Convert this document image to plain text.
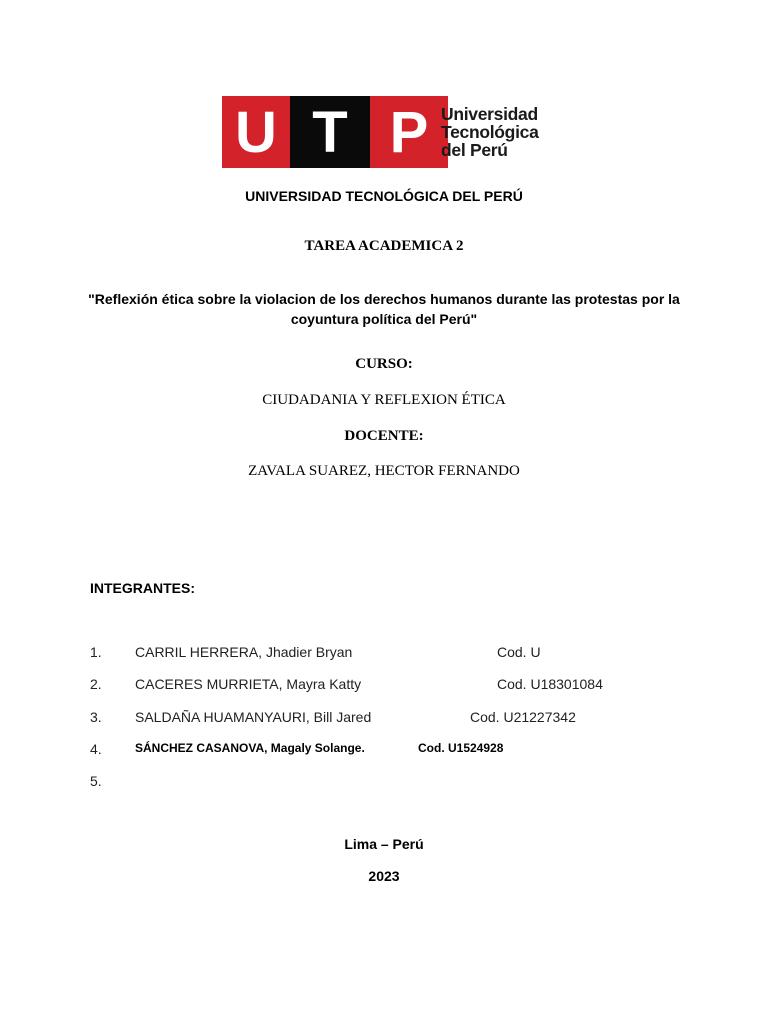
U T P Universidad
Tecnológica
del Perú
UNIVERSIDAD TECNOLÓGICA DEL PERÚ
TAREA ACADEMICA 2
"Reflexión ética sobre la violacion de los derechos humanos durante las protestas por la coyuntura política del Perú"
CURSO:
CIUDADANIA Y REFLEXION ÉTICA
DOCENTE:
ZAVALA SUAREZ, HECTOR FERNANDO
INTEGRANTES:
1. CARRIL HERRERA, Jhadier Bryan	Cod. U
2. CACERES MURRIETA, Mayra Katty	Cod. U18301084
3. SALDAÑA HUAMANYAURI, Bill Jared	Cod. U21227342
4.	SÁNCHEZ CASANOVA, Magaly Solange.	Cod. U1524928
5.
Lima – Perú
2023
